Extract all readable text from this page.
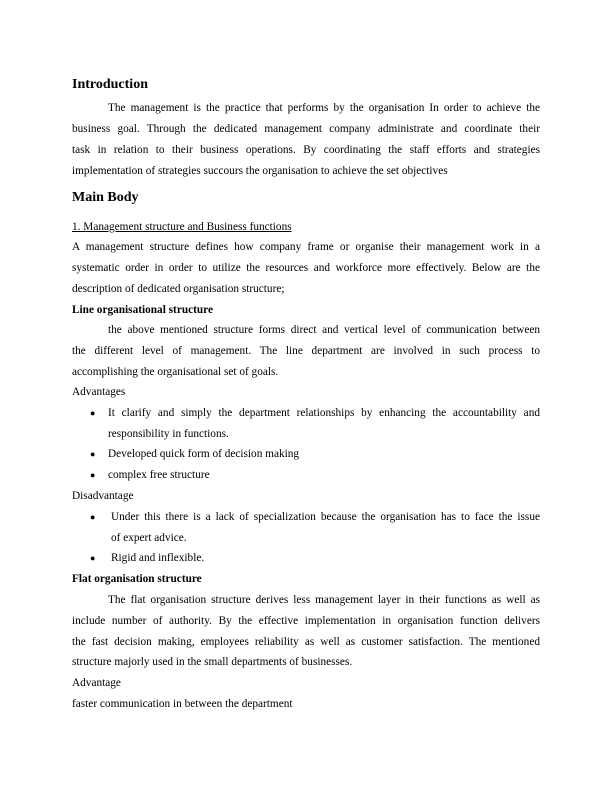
Introduction
The management is the practice that performs by the organisation In order to achieve the
business goal. Through the dedicated management company administrate and coordinate their
task in relation to their business operations. By coordinating the staff efforts and strategies
implementation of strategies succours the organisation to achieve the set objectives
Main Body
1. Management structure and Business functions
A management structure defines how company frame or organise their management work in a
systematic order in order to utilize the resources and workforce more effectively. Below are the
description of dedicated organisation structure;
Line organisational structure
the above mentioned structure forms direct and vertical level of communication between
the different level of management. The line department are involved in such process to
accomplishing the organisational set of goals.
Advantages
● It clarify and simply the department relationships by enhancing the accountability and
responsibility in functions.
● Developed quick form of decision making
● complex free structure
Disadvantage
● Under this there is a lack of specialization because the organisation has to face the issue
of expert advice.
● Rigid and inflexible.
Flat organisation structure
The flat organisation structure derives less management layer in their functions as well as
include number of authority. By the effective implementation in organisation function delivers
the fast decision making, employees reliability as well as customer satisfaction. The mentioned
structure majorly used in the small departments of businesses.
Advantage
faster communication in between the department
